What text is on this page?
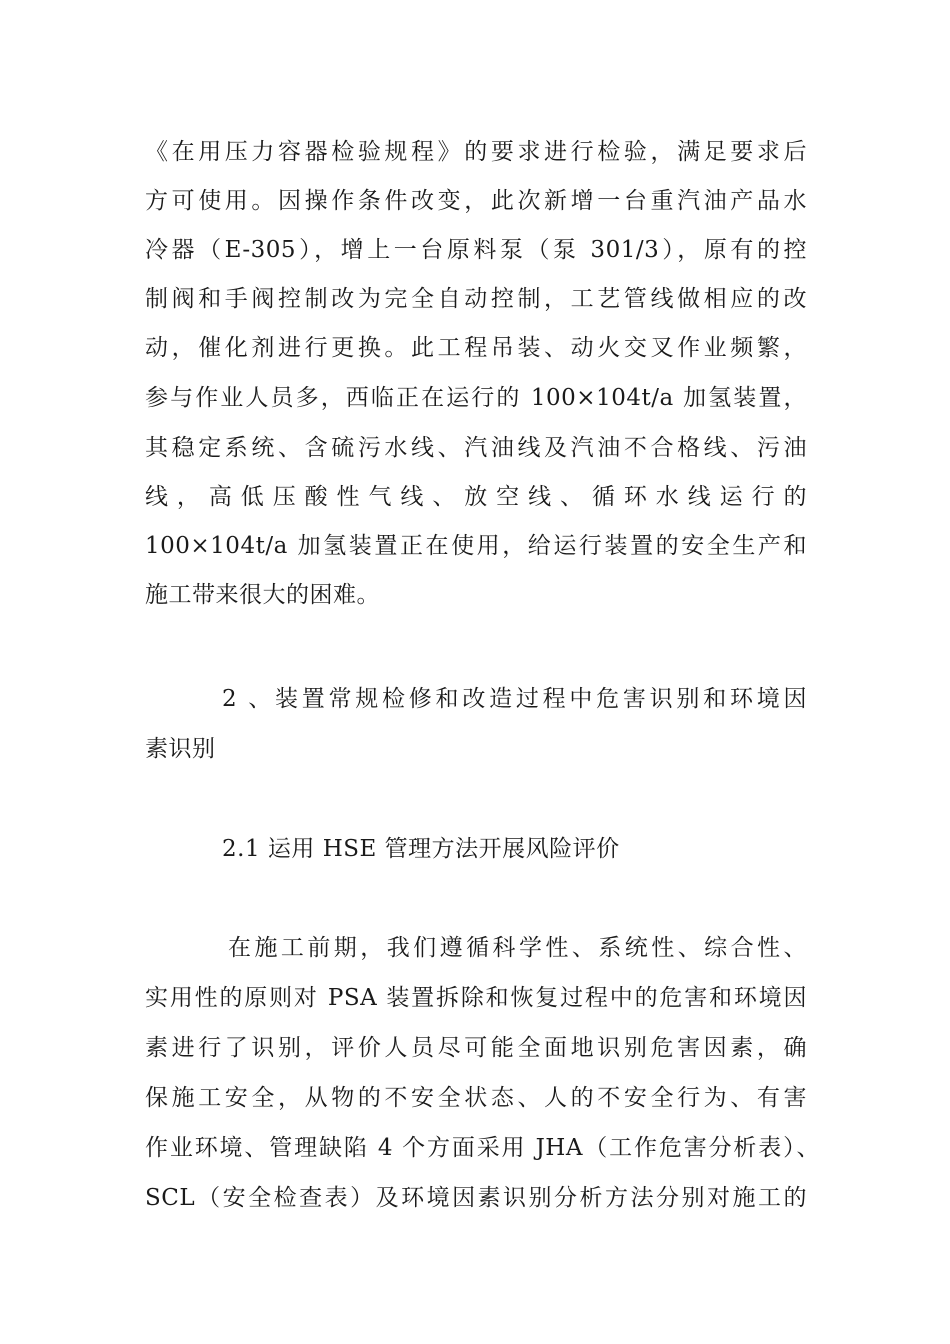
《在用压力容器检验规程》的要求进行检验，满足要求后
方可使用。因操作条件改变，此次新增一台重汽油产品水
冷器（E-305），增上一台原料泵（泵 301/3），原有的控
制阀和手阀控制改为完全自动控制，工艺管线做相应的改
动，催化剂进行更换。此工程吊装、动火交叉作业频繁，
参与作业人员多，西临正在运行的 100×104t/a 加氢装置，
其稳定系统、含硫污水线、汽油线及汽油不合格线、污油
线，高低压酸性气线、放空线、循环水线运行的
100×104t/a 加氢装置正在使用，给运行装置的安全生产和
施工带来很大的困难。
2 、装置常规检修和改造过程中危害识别和环境因
素识别
2.1 运用 HSE 管理方法开展风险评价
在施工前期，我们遵循科学性、系统性、综合性、
实用性的原则对 PSA 装置拆除和恢复过程中的危害和环境因
素进行了识别，评价人员尽可能全面地识别危害因素，确
保施工安全，从物的不安全状态、人的不安全行为、有害
作业环境、管理缺陷 4 个方面采用 JHA（工作危害分析表）、
SCL（安全检查表）及环境因素识别分析方法分别对施工的
